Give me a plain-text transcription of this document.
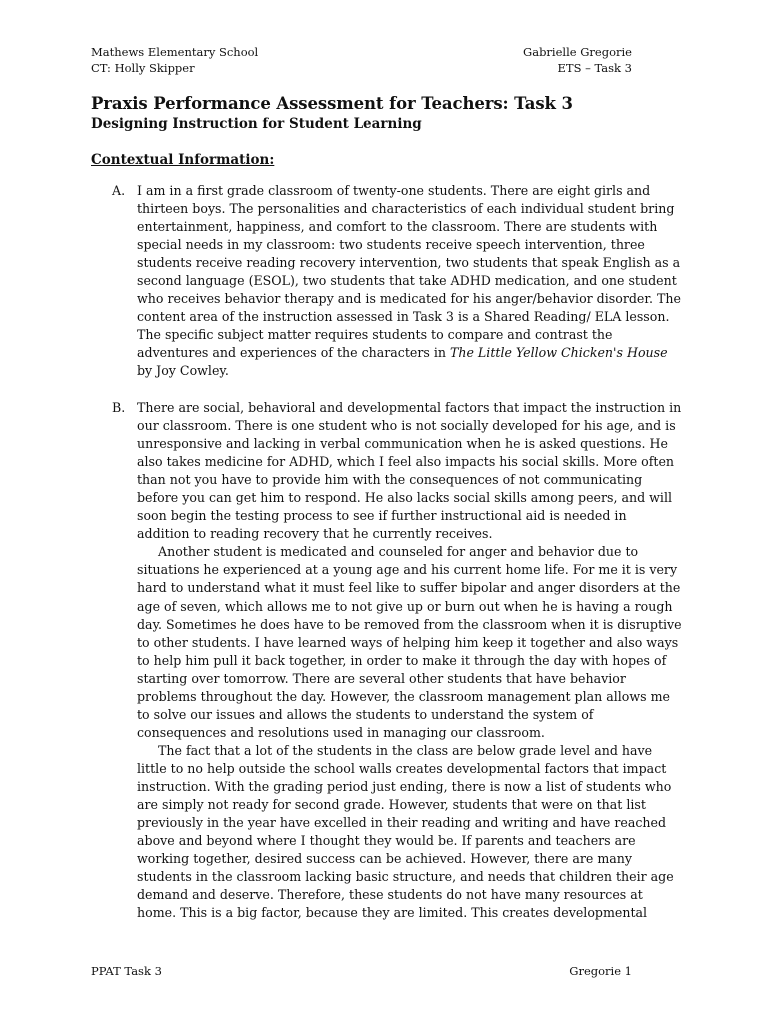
Mathews Elementary School	Gabrielle Gregorie
CT: Holly Skipper	ETS – Task 3
Praxis Performance Assessment for Teachers: Task 3
Designing Instruction for Student Learning
Contextual Information:
A. I am in a first grade classroom of twenty-one students. There are eight girls and thirteen boys. The personalities and characteristics of each individual student bring entertainment, happiness, and comfort to the classroom. There are students with special needs in my classroom: two students receive speech intervention, three students receive reading recovery intervention, two students that speak English as a second language (ESOL), two students that take ADHD medication, and one student who receives behavior therapy and is medicated for his anger/behavior disorder. The content area of the instruction assessed in Task 3 is a Shared Reading/ ELA lesson. The specific subject matter requires students to compare and contrast the adventures and experiences of the characters in The Little Yellow Chicken's House by Joy Cowley.

B. There are social, behavioral and developmental factors that impact the instruction in our classroom. There is one student who is not socially developed for his age, and is unresponsive and lacking in verbal communication when he is asked questions. He also takes medicine for ADHD, which I feel also impacts his social skills. More often than not you have to provide him with the consequences of not communicating before you can get him to respond. He also lacks social skills among peers, and will soon begin the testing process to see if further instructional aid is needed in addition to reading recovery that he currently receives.

Another student is medicated and counseled for anger and behavior due to situations he experienced at a young age and his current home life. For me it is very hard to understand what it must feel like to suffer bipolar and anger disorders at the age of seven, which allows me to not give up or burn out when he is having a rough day. Sometimes he does have to be removed from the classroom when it is disruptive to other students. I have learned ways of helping him keep it together and also ways to help him pull it back together, in order to make it through the day with hopes of starting over tomorrow. There are several other students that have behavior problems throughout the day. However, the classroom management plan allows me to solve our issues and allows the students to understand the system of consequences and resolutions used in managing our classroom.

The fact that a lot of the students in the class are below grade level and have little to no help outside the school walls creates developmental factors that impact instruction. With the grading period just ending, there is now a list of students who are simply not ready for second grade. However, students that were on that list previously in the year have excelled in their reading and writing and have reached above and beyond where I thought they would be. If parents and teachers are working together, desired success can be achieved. However, there are many students in the classroom lacking basic structure, and needs that children their age demand and deserve. Therefore, these students do not have many resources at home. This is a big factor, because they are limited. This creates developmental

PPAT Task 3	Gregorie 1
